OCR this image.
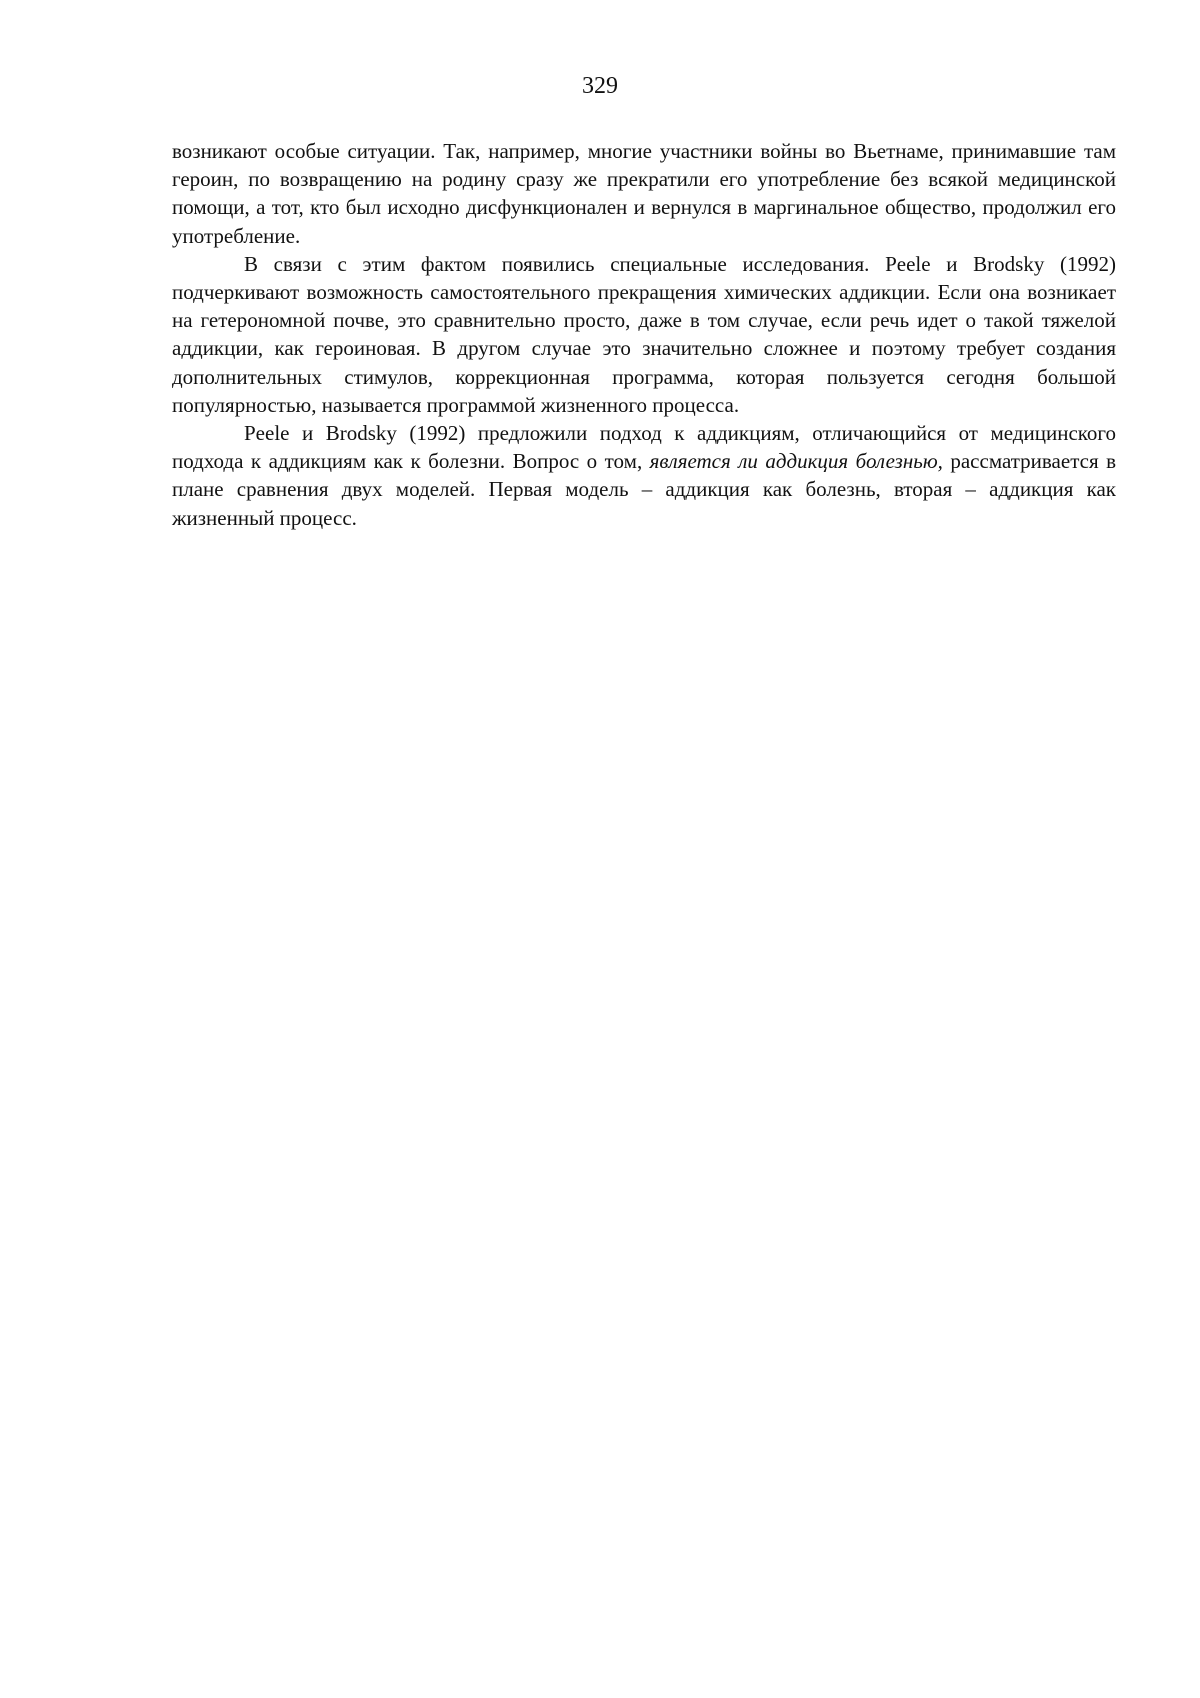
329

возникают особые ситуации. Так, например, многие участники войны во Вьетнаме, принимавшие там героин, по возвращению на родину сразу же прекратили его употребление без всякой медицинской помощи, а тот, кто был исходно дисфункционален и вернулся в маргинальное общество, продолжил его употребление.

В связи с этим фактом появились специальные исследования. Peele и Brodsky (1992) подчеркивают возможность самостоятельного прекращения химических аддикции. Если она возникает на гетерономной почве, это сравнительно просто, даже в том случае, если речь идет о такой тяжелой аддикции, как героиновая. В другом случае это значительно сложнее и поэтому требует создания дополнительных стимулов, коррекционная программа, которая пользуется сегодня большой популярностью, называется программой жизненного процесса.

Peele и Brodsky (1992) предложили подход к аддикциям, отличающийся от медицинского подхода к аддикциям как к болезни. Вопрос о том, является ли аддикция болезнью, рассматривается в плане сравнения двух моделей. Первая модель – аддикция как болезнь, вторая – аддикция как жизненный процесс.
